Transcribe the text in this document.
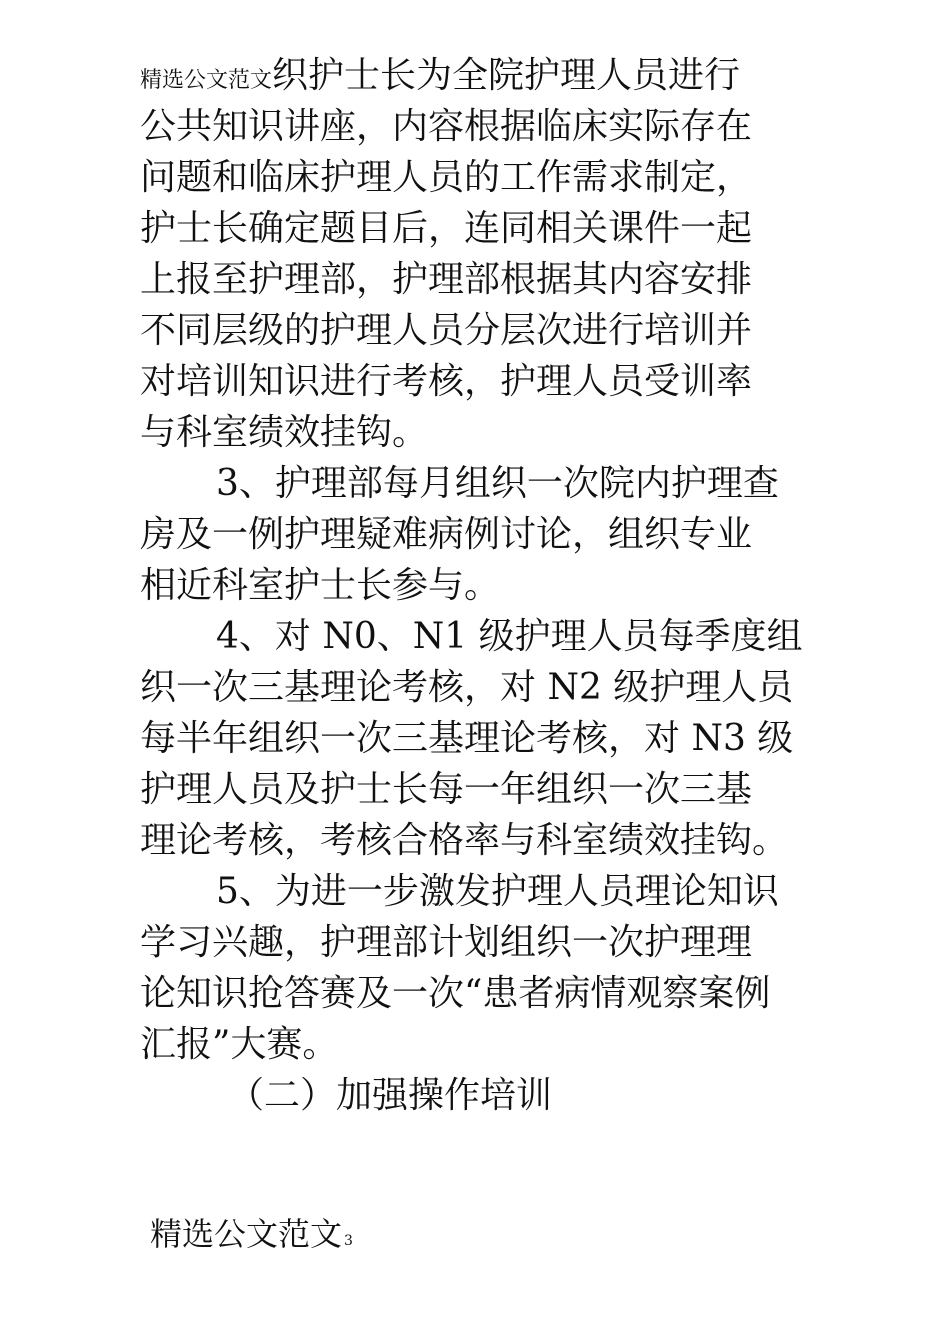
精选公文范文织护士长为全院护理人员进行
公共知识讲座，内容根据临床实际存在
问题和临床护理人员的工作需求制定，
护士长确定题目后，连同相关课件一起
上报至护理部，护理部根据其内容安排
不同层级的护理人员分层次进行培训并
对培训知识进行考核，护理人员受训率
与科室绩效挂钩。
3、护理部每月组织一次院内护理查
房及一例护理疑难病例讨论，组织专业
相近科室护士长参与。
4、对 N0、N1 级护理人员每季度组
织一次三基理论考核，对 N2 级护理人员
每半年组织一次三基理论考核，对 N3 级
护理人员及护士长每一年组织一次三基
理论考核，考核合格率与科室绩效挂钩。
5、为进一步激发护理人员理论知识
学习兴趣，护理部计划组织一次护理理
论知识抢答赛及一次“患者病情观察案例
汇报”大赛。
（二）加强操作培训
精选公文范文 3
